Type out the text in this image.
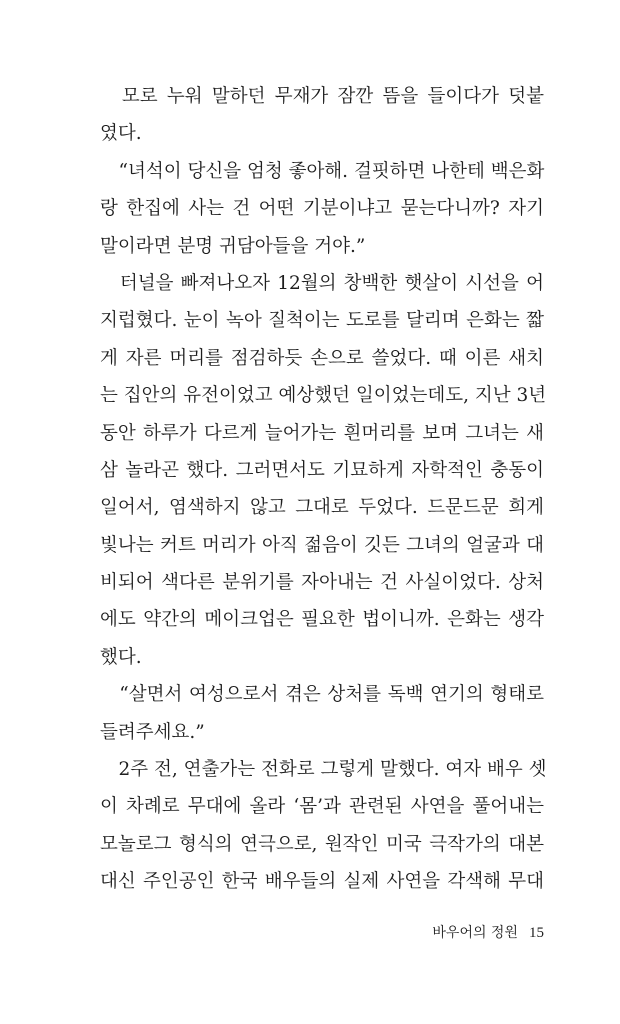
　모로 누워 말하던 무재가 잠깐 뜸을 들이다가 덧붙
였다.
　“녀석이 당신을 엄청 좋아해. 걸핏하면 나한테 백은화
랑 한집에 사는 건 어떤 기분이냐고 묻는다니까? 자기
말이라면 분명 귀담아들을 거야.”
　터널을 빠져나오자 12월의 창백한 햇살이 시선을 어
지럽혔다. 눈이 녹아 질척이는 도로를 달리며 은화는 짧
게 자른 머리를 점검하듯 손으로 쓸었다. 때 이른 새치
는 집안의 유전이었고 예상했던 일이었는데도, 지난 3년
동안 하루가 다르게 늘어가는 흰머리를 보며 그녀는 새
삼 놀라곤 했다. 그러면서도 기묘하게 자학적인 충동이
일어서, 염색하지 않고 그대로 두었다. 드문드문 희게
빛나는 커트 머리가 아직 젊음이 깃든 그녀의 얼굴과 대
비되어 색다른 분위기를 자아내는 건 사실이었다. 상처
에도 약간의 메이크업은 필요한 법이니까. 은화는 생각
했다.
　“살면서 여성으로서 겪은 상처를 독백 연기의 형태로
들려주세요.”
　2주 전, 연출가는 전화로 그렇게 말했다. 여자 배우 셋
이 차례로 무대에 올라 ‘몸’과 관련된 사연을 풀어내는
모놀로그 형식의 연극으로, 원작인 미국 극작가의 대본
대신 주인공인 한국 배우들의 실제 사연을 각색해 무대
바우어의 정원 15
